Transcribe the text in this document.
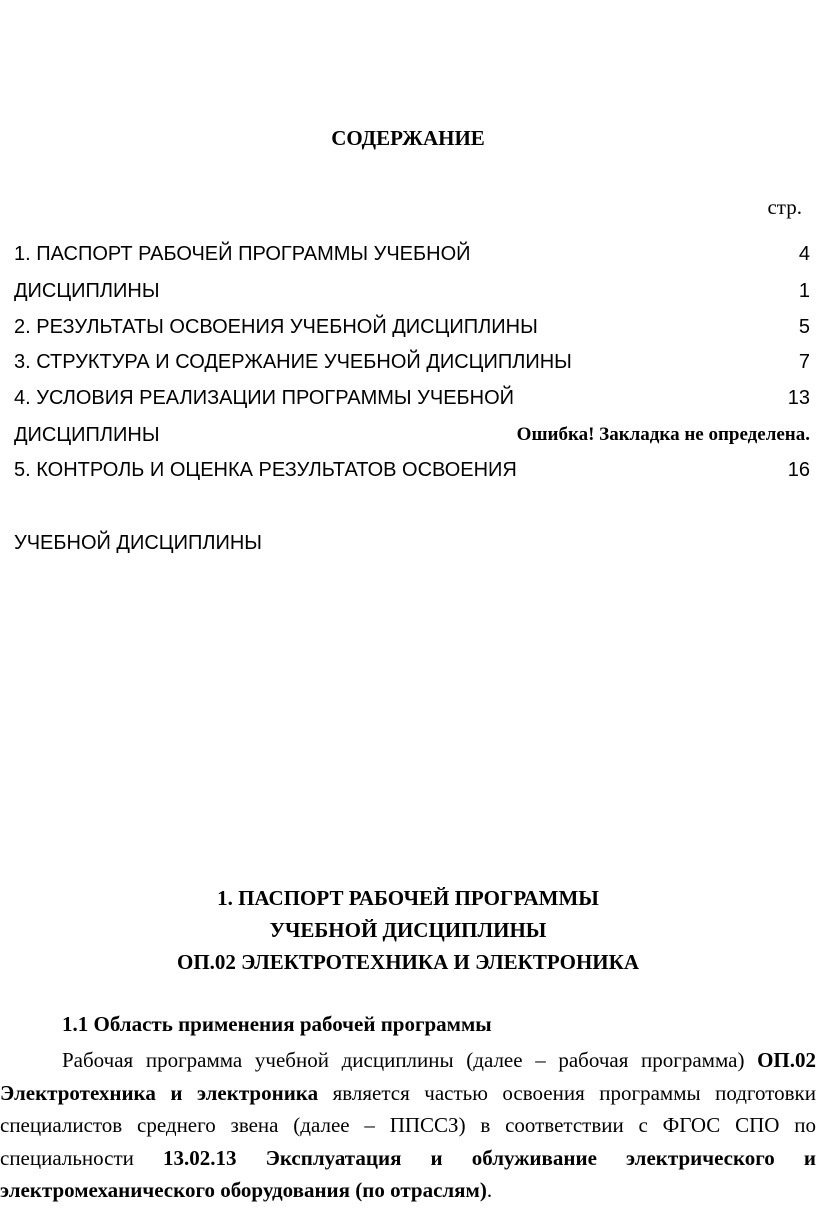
СОДЕРЖАНИЕ
стр.
1. ПАСПОРТ РАБОЧЕЙ ПРОГРАММЫ УЧЕБНОЙ	4
ДИСЦИПЛИНЫ	1
2. РЕЗУЛЬТАТЫ ОСВОЕНИЯ УЧЕБНОЙ ДИСЦИПЛИНЫ	5
3. СТРУКТУРА И СОДЕРЖАНИЕ УЧЕБНОЙ ДИСЦИПЛИНЫ	7
4. УСЛОВИЯ РЕАЛИЗАЦИИ ПРОГРАММЫ УЧЕБНОЙ	13
ДИСЦИПЛИНЫ	Ошибка! Закладка не определена.
5. КОНТРОЛЬ И ОЦЕНКА РЕЗУЛЬТАТОВ ОСВОЕНИЯ	16
УЧЕБНОЙ ДИСЦИПЛИНЫ
1. ПАСПОРТ РАБОЧЕЙ ПРОГРАММЫ
УЧЕБНОЙ ДИСЦИПЛИНЫ
ОП.02 ЭЛЕКТРОТЕХНИКА И ЭЛЕКТРОНИКА
1.1 Область применения рабочей программы
Рабочая программа учебной дисциплины (далее – рабочая программа) ОП.02 Электротехника и электроника является частью освоения программы подготовки специалистов среднего звена (далее – ППССЗ) в соответствии с ФГОС СПО по специальности 13.02.13 Эксплуатация и облуживание электрического и электромеханического оборудования (по отраслям).
